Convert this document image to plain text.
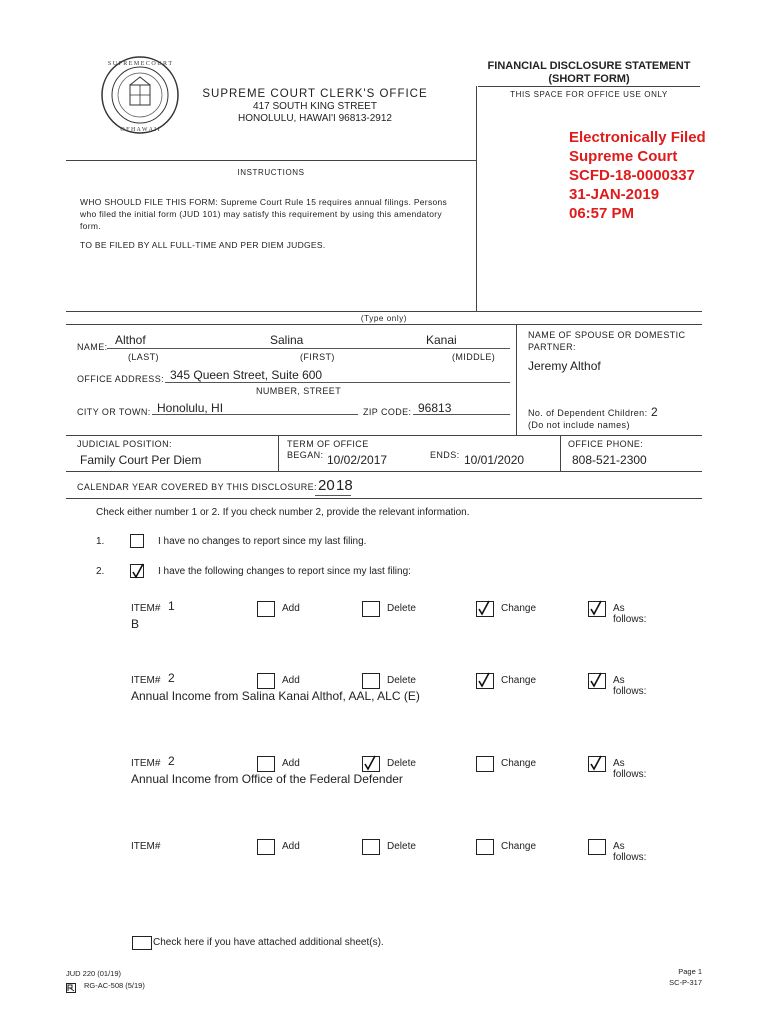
S U P R E M E C O U R T
O F H A W A I I
SUPREME COURT CLERK'S OFFICE
417 SOUTH KING STREET
HONOLULU, HAWAI'I 96813-2912
FINANCIAL DISCLOSURE STATEMENT
(SHORT FORM)
THIS SPACE FOR OFFICE USE ONLY
Electronically Filed
Supreme Court
SCFD-18-0000337
31-JAN-2019
06:57 PM
INSTRUCTIONS
WHO SHOULD FILE THIS FORM: Supreme Court Rule 15 requires annual filings. Persons who filed the initial form (JUD 101) may satisfy this requirement by using this amendatory form.
TO BE FILED BY ALL FULL-TIME AND PER DIEM JUDGES.
(Type only)
NAME: Althof	Salina	Kanai
(LAST)	(FIRST)	(MIDDLE)
NAME OF SPOUSE OR DOMESTIC PARTNER:
Jeremy Althof
OFFICE ADDRESS: 345 Queen Street, Suite 600
NUMBER, STREET
CITY OR TOWN: Honolulu, HI	ZIP CODE: 96813	No. of Dependent Children: 2
(Do not include names)
JUDICIAL POSITION:
Family Court Per Diem
TERM OF OFFICE
BEGAN: 10/02/2017	ENDS: 10/01/2020
OFFICE PHONE:
808-521-2300
CALENDAR YEAR COVERED BY THIS DISCLOSURE: 20 18
Check either number 1 or 2. If you check number 2, provide the relevant information.
1.	I have no changes to report since my last filing.
2.	I have the following changes to report since my last filing:
ITEM# 1
B
Add	Delete	Change	As follows:
ITEM# 2
Annual Income from Salina Kanai Althof, AAL, ALC (E)
Add	Delete	Change	As follows:
ITEM# 2
Annual Income from Office of the Federal Defender
Add	Delete	Change	As follows:
ITEM#	Add	Delete	Change	As follows:
Check here if you have attached additional sheet(s).
JUD 220 (01/19)
RG-AC-508 (5/19)
Page 1
SC-P-317
